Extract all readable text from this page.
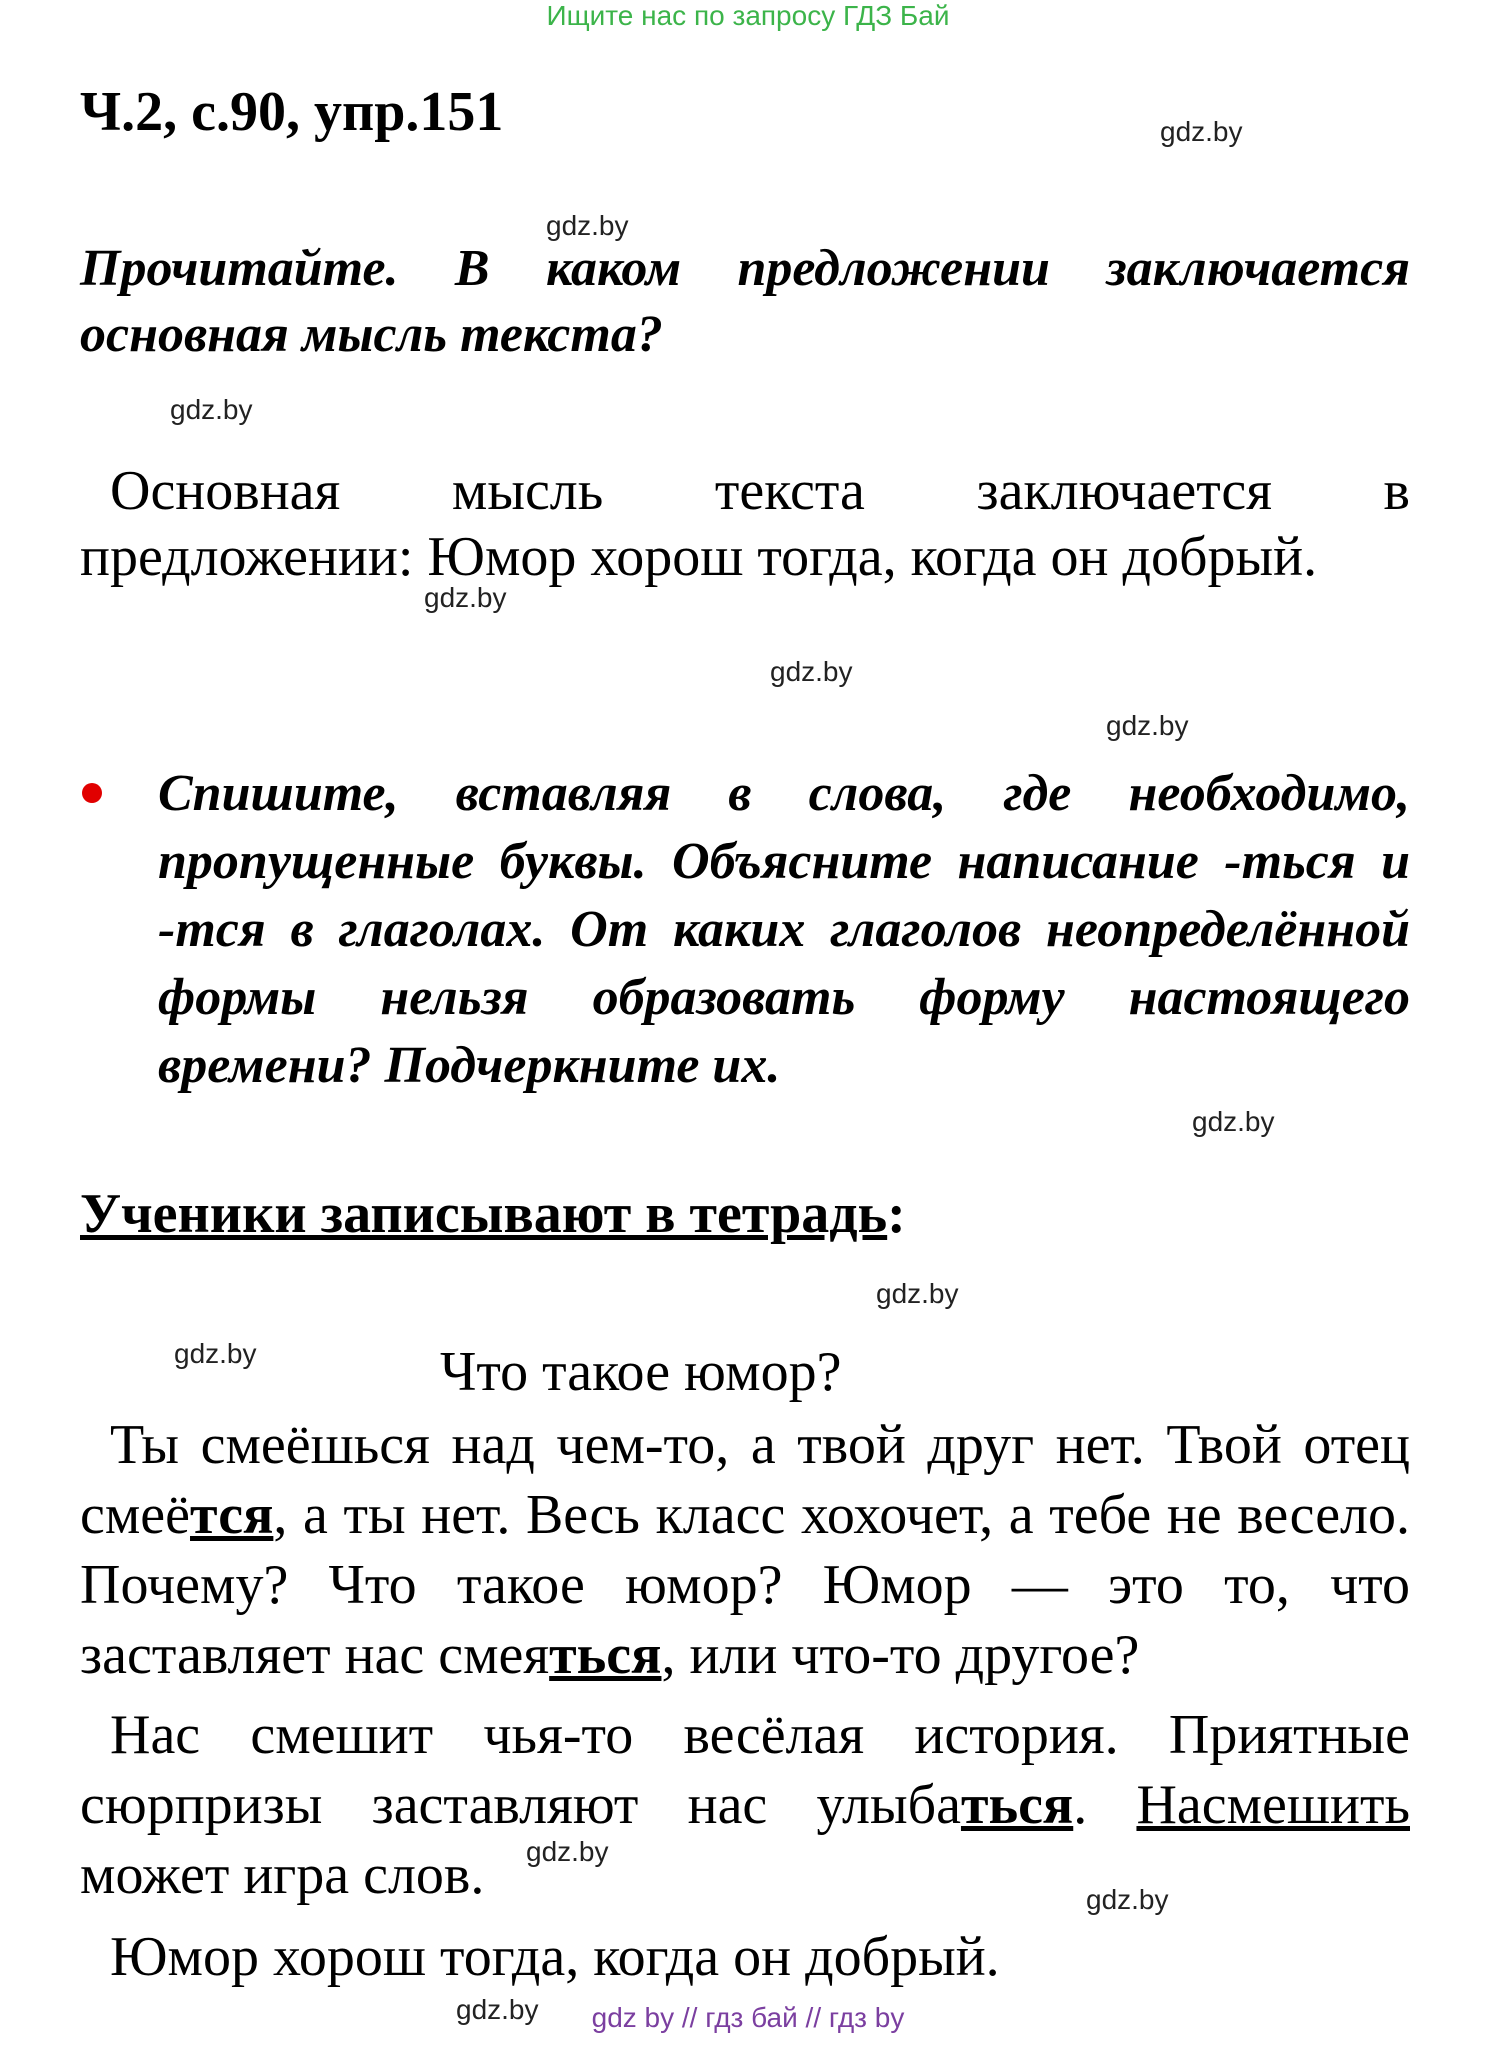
Ищите нас по запросу ГДЗ Бай
Ч.2, с.90, упр.151
Прочитайте. В каком предложении заключается основная мысль текста?
Основная мысль текста заключается в
предложении: Юмор хорош тогда, когда он добрый.
Спишите, вставляя в слова, где необходимо, пропущенные буквы. Объясните написание -ться и -тся в глаголах. От каких глаголов неопределённой формы нельзя образовать форму настоящего времени? Подчеркните их.
Ученики записывают в тетрадь:
Что такое юмор?

Ты смеёшься над чем-то, а твой друг нет. Твой отец смеётся, а ты нет. Весь класс хохочет, а тебе не весело. Почему? Что такое юмор? Юмор — это то, что заставляет нас смеяться, или что-то другое?

Нас смешит чья-то весёлая история. Приятные сюрпризы заставляют нас улыбаться. Насмешить может игра слов.

Юмор хорош тогда, когда он добрый.

gdz.by
gdz.by
gdz.by
gdz.by
gdz.by
gdz.by
gdz.by
gdz.by
gdz.by
gdz.by
gdz.by
gdz.by	gdz by // гдз бай // гдз by
